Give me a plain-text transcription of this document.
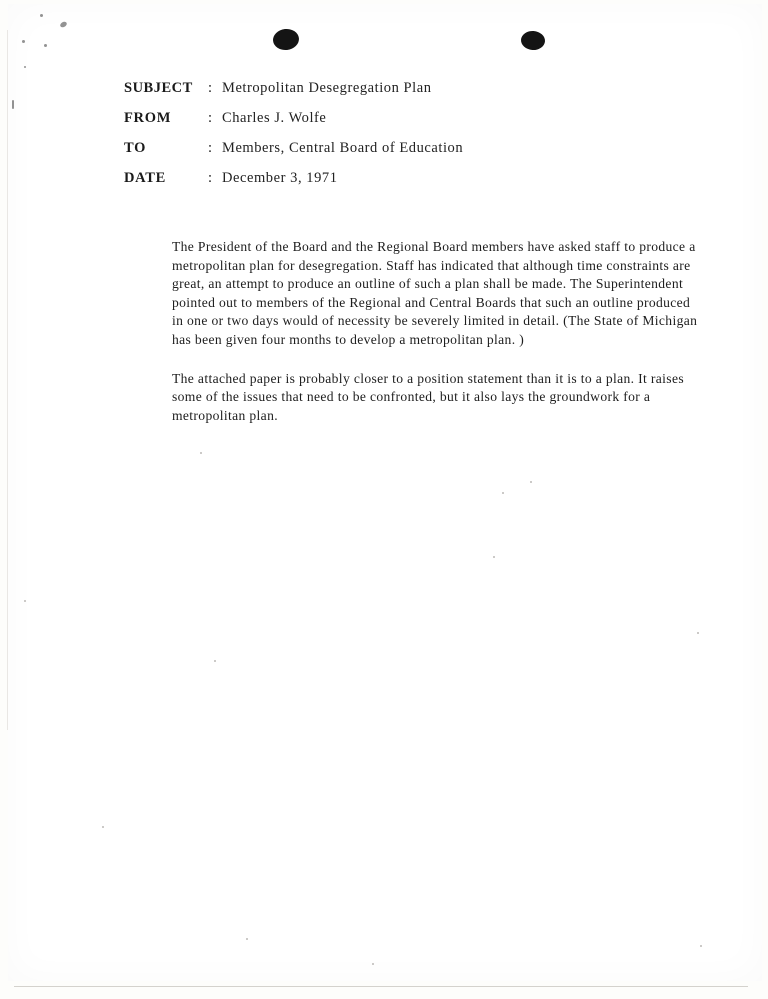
SUBJECT	: Metropolitan Desegregation Plan
FROM	: Charles J. Wolfe
TO	: Members, Central Board of Education
DATE	: December 3, 1971

The President of the Board and the Regional Board members have asked staff to produce a metropolitan plan for desegregation. Staff has indicated that although time constraints are great, an attempt to produce an outline of such a plan shall be made. The Superintendent pointed out to members of the Regional and Central Boards that such an outline produced in one or two days would of necessity be severely limited in detail. (The State of Michigan has been given four months to develop a metropolitan plan. )

The attached paper is probably closer to a position statement than it is to a plan. It raises some of the issues that need to be confronted, but it also lays the groundwork for a metropolitan plan.
